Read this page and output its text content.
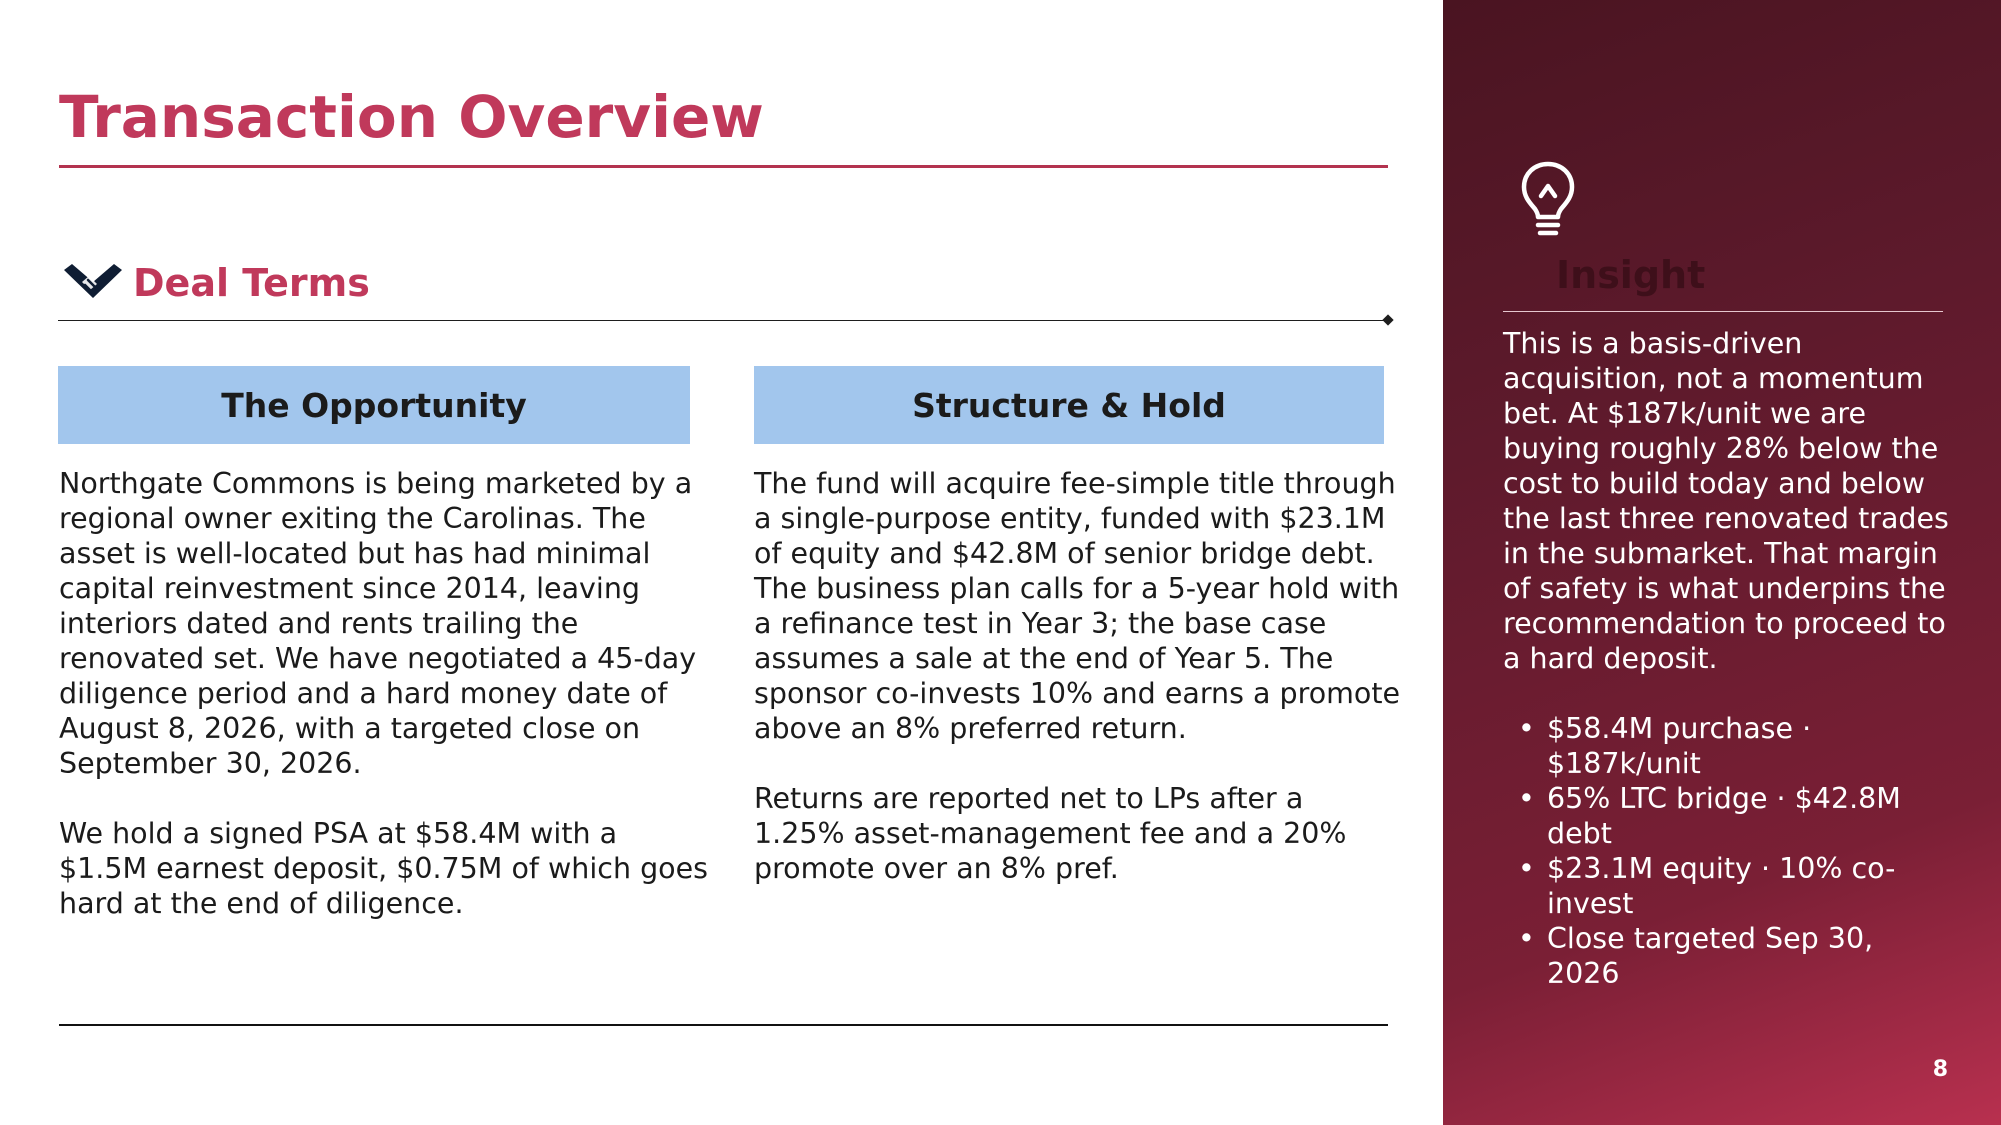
Transaction Overview
Deal Terms
The Opportunity	Structure & Hold

Northgate Commons is being marketed by a regional owner exiting the Carolinas. The asset is well-located but has had minimal capital reinvestment since 2014, leaving interiors dated and rents trailing the renovated set. We have negotiated a 45-day diligence period and a hard money date of August 8, 2026, with a targeted close on September 30, 2026.

We hold a signed PSA at $58.4M with a $1.5M earnest deposit, $0.75M of which goes hard at the end of diligence.

The fund will acquire fee-simple title through a single-purpose entity, funded with $23.1M of equity and $42.8M of senior bridge debt. The business plan calls for a 5-year hold with a refinance test in Year 3; the base case assumes a sale at the end of Year 5. The sponsor co-invests 10% and earns a promote above an 8% preferred return.

Returns are reported net to LPs after a 1.25% asset-management fee and a 20% promote over an 8% pref.

Insight

This is a basis-driven acquisition, not a momentum bet. At $187k/unit we are buying roughly 28% below the cost to build today and below the last three renovated trades in the submarket. That margin of safety is what underpins the recommendation to proceed to a hard deposit.

• $58.4M purchase · $187k/unit
• 65% LTC bridge · $42.8M debt
• $23.1M equity · 10% co-invest
• Close targeted Sep 30, 2026
8
